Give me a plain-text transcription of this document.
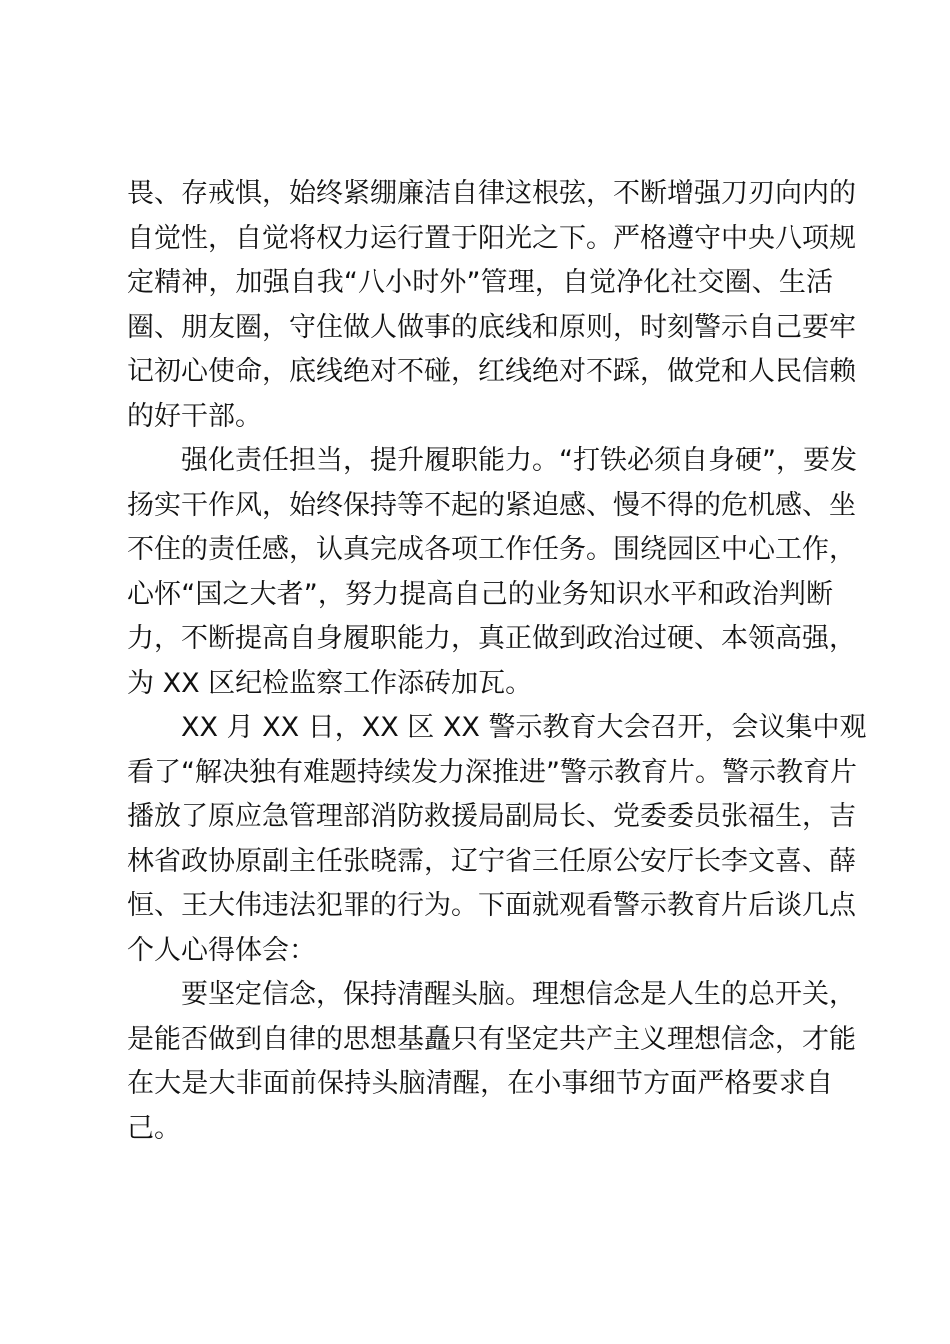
畏、存戒惧，始终紧绷廉洁自律这根弦，不断增强刀刃向内的
自觉性，自觉将权力运行置于阳光之下。严格遵守中央八项规
定精神，加强自我“八小时外”管理，自觉净化社交圈、生活
圈、朋友圈，守住做人做事的底线和原则，时刻警示自己要牢
记初心使命，底线绝对不碰，红线绝对不踩，做党和人民信赖
的好干部。

强化责任担当，提升履职能力。“打铁必须自身硬”，要发
扬实干作风，始终保持等不起的紧迫感、慢不得的危机感、坐
不住的责任感，认真完成各项工作任务。围绕园区中心工作，
心怀“国之大者”，努力提高自己的业务知识水平和政治判断
力，不断提高自身履职能力，真正做到政治过硬、本领高强，
为 XX 区纪检监察工作添砖加瓦。

XX 月 XX 日，XX 区 XX 警示教育大会召开，会议集中观
看了“解决独有难题持续发力深推进”警示教育片。警示教育片
播放了原应急管理部消防救援局副局长、党委委员张福生，吉
林省政协原副主任张晓霈，辽宁省三任原公安厅长李文喜、薛
恒、王大伟违法犯罪的行为。下面就观看警示教育片后谈几点
个人心得体会：

要坚定信念，保持清醒头脑。理想信念是人生的总开关，
是能否做到自律的思想基矗只有坚定共产主义理想信念，才能
在大是大非面前保持头脑清醒，在小事细节方面严格要求自
己。
